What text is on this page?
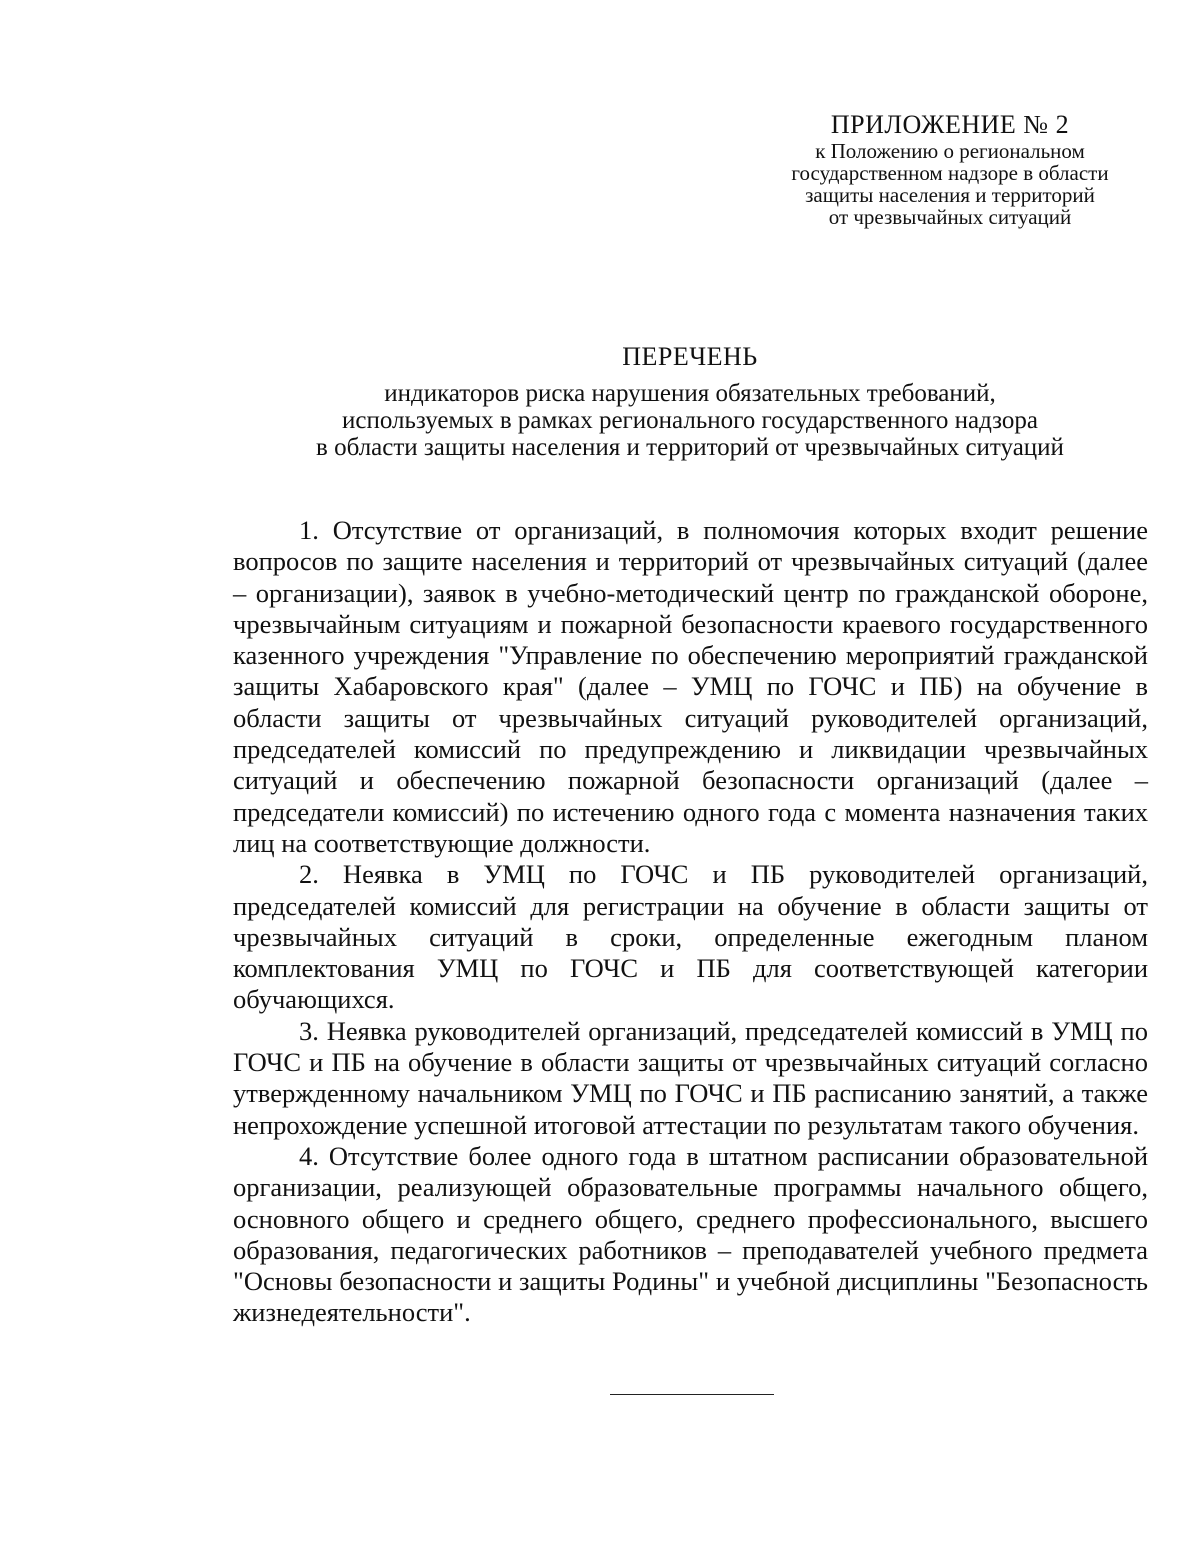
ПРИЛОЖЕНИЕ № 2
к Положению о региональном
государственном надзоре в области
защиты населения и территорий
от чрезвычайных ситуаций
ПЕРЕЧЕНЬ
индикаторов риска нарушения обязательных требований,
используемых в рамках регионального государственного надзора
в области защиты населения и территорий от чрезвычайных ситуаций

1. Отсутствие от организаций, в полномочия которых входит решение вопросов по защите населения и территорий от чрезвычайных ситуаций (далее – организации), заявок в учебно-методический центр по гражданской обороне, чрезвычайным ситуациям и пожарной безопасности краевого государственного казенного учреждения "Управление по обеспечению мероприятий гражданской защиты Хабаровского края" (далее – УМЦ по ГОЧС и ПБ) на обучение в области защиты от чрезвычайных ситуаций руководителей организаций, председателей комиссий по предупреждению и ликвидации чрезвычайных ситуаций и обеспечению пожарной безопасности организаций (далее – председатели комиссий) по истечению одного года с момента назначения таких лиц на соответствующие должности.

2. Неявка в УМЦ по ГОЧС и ПБ руководителей организаций, председателей комиссий для регистрации на обучение в области защиты от чрезвычайных ситуаций в сроки, определенные ежегодным планом комплектования УМЦ по ГОЧС и ПБ для соответствующей категории обучающихся.

3. Неявка руководителей организаций, председателей комиссий в УМЦ по ГОЧС и ПБ на обучение в области защиты от чрезвычайных ситуаций согласно утвержденному начальником УМЦ по ГОЧС и ПБ расписанию занятий, а также непрохождение успешной итоговой аттестации по результатам такого обучения.

4. Отсутствие более одного года в штатном расписании образовательной организации, реализующей образовательные программы начального общего, основного общего и среднего общего, среднего профессионального, высшего образования, педагогических работников – преподавателей учебного предмета "Основы безопасности и защиты Родины" и учебной дисциплины "Безопасность жизнедеятельности".
